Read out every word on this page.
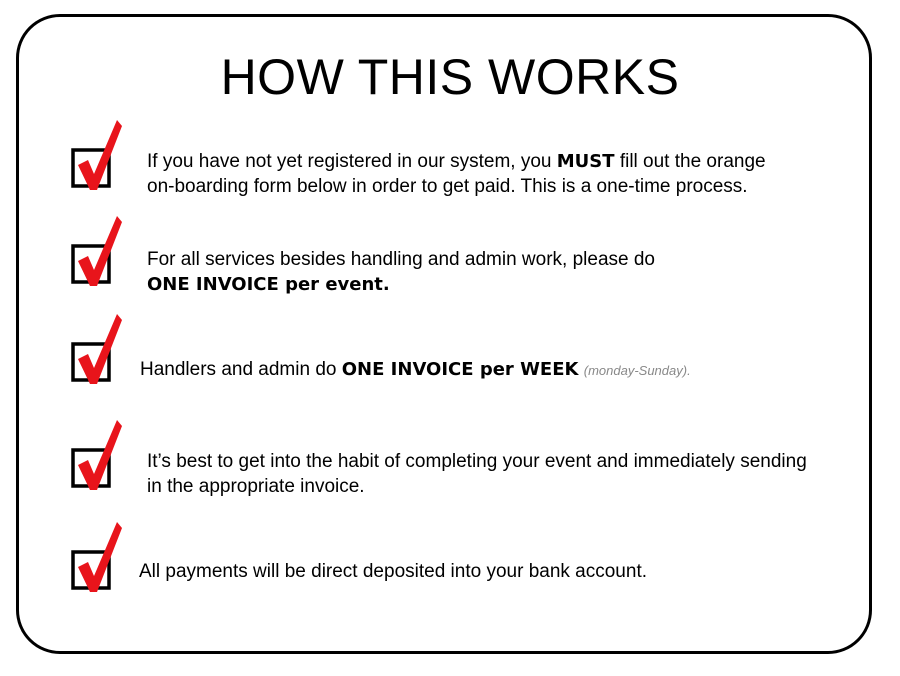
HOW THIS WORKS

If you have not yet registered in our system, you MUST fill out the orange

on-boarding form below in order to get paid. This is a one-time process.

For all services besides handling and admin work, please do

ONE INVOICE per event.

Handlers and admin do ONE INVOICE per WEEK (monday-Sunday).

It’s best to get into the habit of completing your event and immediately sending

in the appropriate invoice.

All payments will be direct deposited into your bank account.
